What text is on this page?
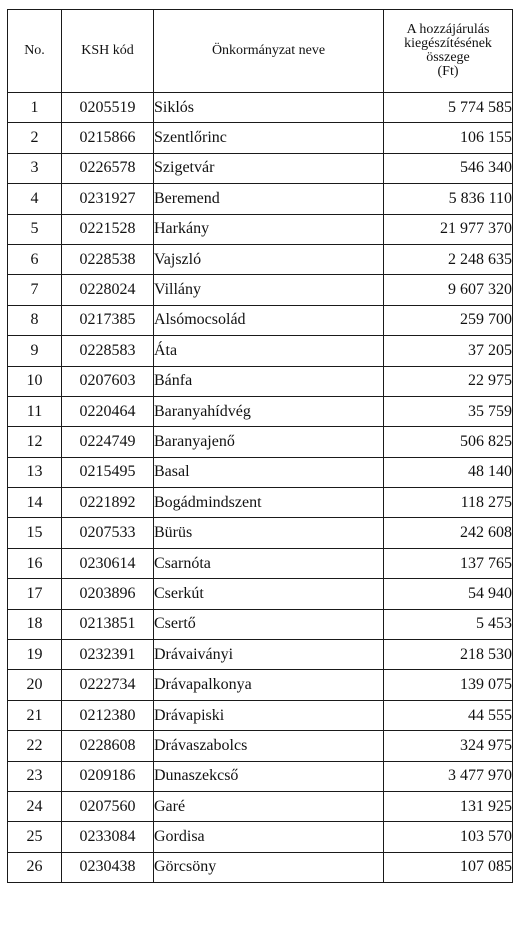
No.	KSH kód	Önkormányzat neve	A hozzájárulás
kiegészítésének
összege
(Ft)

1	0205519	Siklós	5 774 585
2	0215866	Szentlőrinc	106 155
3	0226578	Szigetvár	546 340
4	0231927	Beremend	5 836 110
5	0221528	Harkány	21 977 370
6	0228538	Vajszló	2 248 635
7	0228024	Villány	9 607 320
8	0217385	Alsómocsolád	259 700
9	0228583	Áta	37 205
10	0207603	Bánfa	22 975
11	0220464	Baranyahídvég	35 759
12	0224749	Baranyajenő	506 825
13	0215495	Basal	48 140
14	0221892	Bogádmindszent	118 275
15	0207533	Bürüs	242 608
16	0230614	Csarnóta	137 765
17	0203896	Cserkút	54 940
18	0213851	Csertő	5 453
19	0232391	Drávaiványi	218 530
20	0222734	Drávapalkonya	139 075
21	0212380	Drávapiski	44 555
22	0228608	Drávaszabolcs	324 975
23	0209186	Dunaszekcső	3 477 970
24	0207560	Garé	131 925
25	0233084	Gordisa	103 570
26	0230438	Görcsöny	107 085
